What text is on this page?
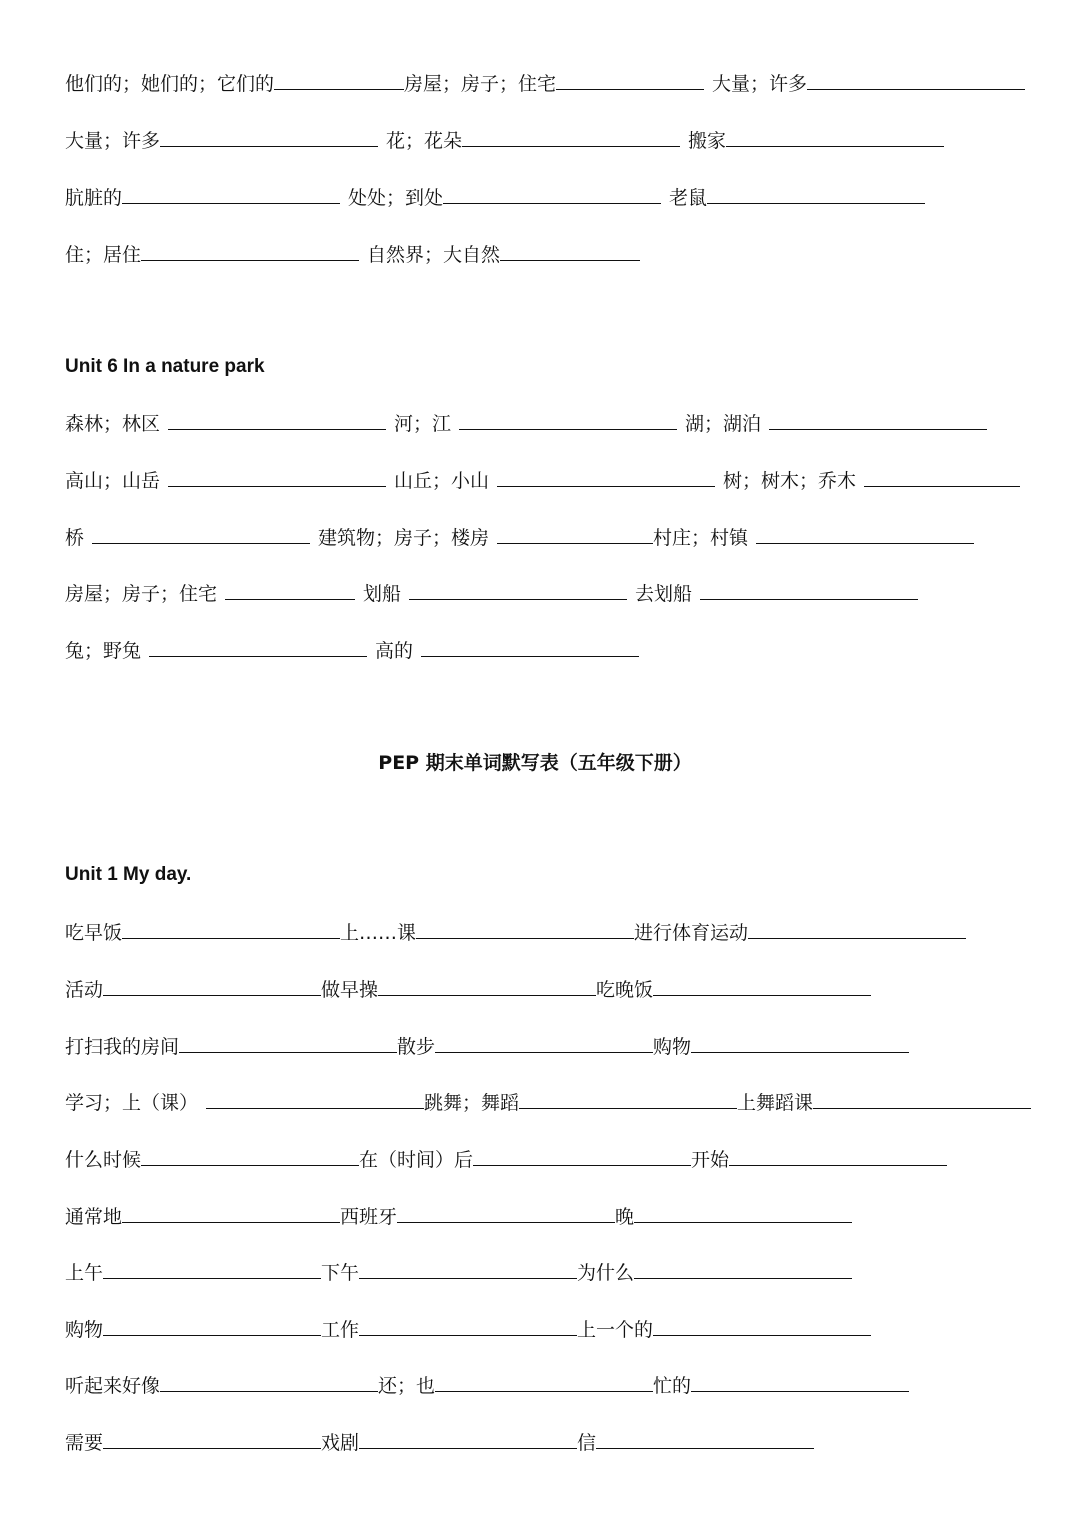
他们的；她们的；它们的	房屋；房子；住宅	大量；许多
大量；许多	花；花朵	搬家
肮脏的	处处；到处	老鼠
住；居住	自然界；大自然
Unit 6 In a nature park
森林；林区	河；江	湖；湖泊
高山；山岳	山丘；小山	树；树木；乔木
桥	建筑物；房子；楼房	村庄；村镇
房屋；房子；住宅	划船	去划船
兔；野兔	高的
PEP 期末单词默写表（五年级下册）
Unit 1 My day.
吃早饭	上……课	进行体育运动
活动	做早操	吃晚饭
打扫我的房间	散步	购物
学习；上（课）	跳舞；舞蹈	上舞蹈课
什么时候	在（时间）后	开始
通常地	西班牙	晚
上午	下午	为什么
购物	工作	上一个的
听起来好像	还；也	忙的
需要	戏剧	信
